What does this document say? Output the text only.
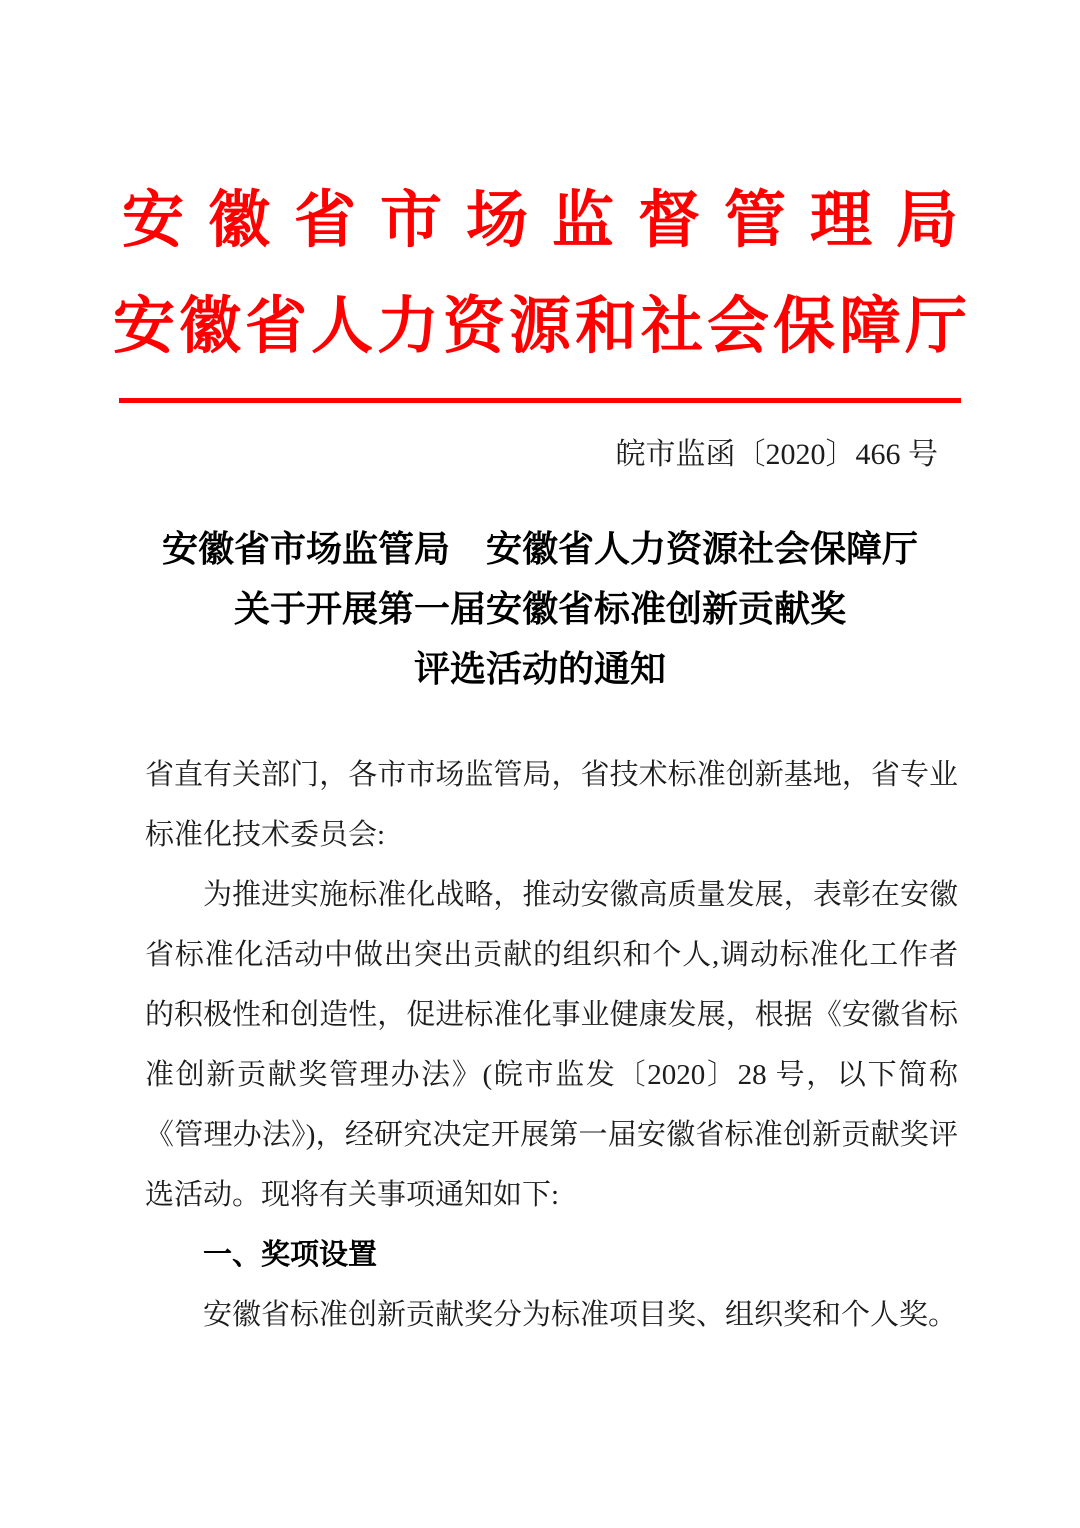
安徽省市场监督管理局
安徽省人力资源和社会保障厅
皖市监函〔2020〕466 号
安徽省市场监管局　安徽省人力资源社会保障厅
关于开展第一届安徽省标准创新贡献奖
评选活动的通知

省直有关部门，各市市场监管局，省技术标准创新基地，省专业标准化技术委员会:

为推进实施标准化战略，推动安徽高质量发展，表彰在安徽省标准化活动中做出突出贡献的组织和个人,调动标准化工作者的积极性和创造性，促进标准化事业健康发展，根据《安徽省标准创新贡献奖管理办法》(皖市监发〔2020〕28 号，以下简称《管理办法》)，经研究决定开展第一届安徽省标准创新贡献奖评选活动。现将有关事项通知如下:

一、奖项设置

安徽省标准创新贡献奖分为标准项目奖、组织奖和个人奖。
